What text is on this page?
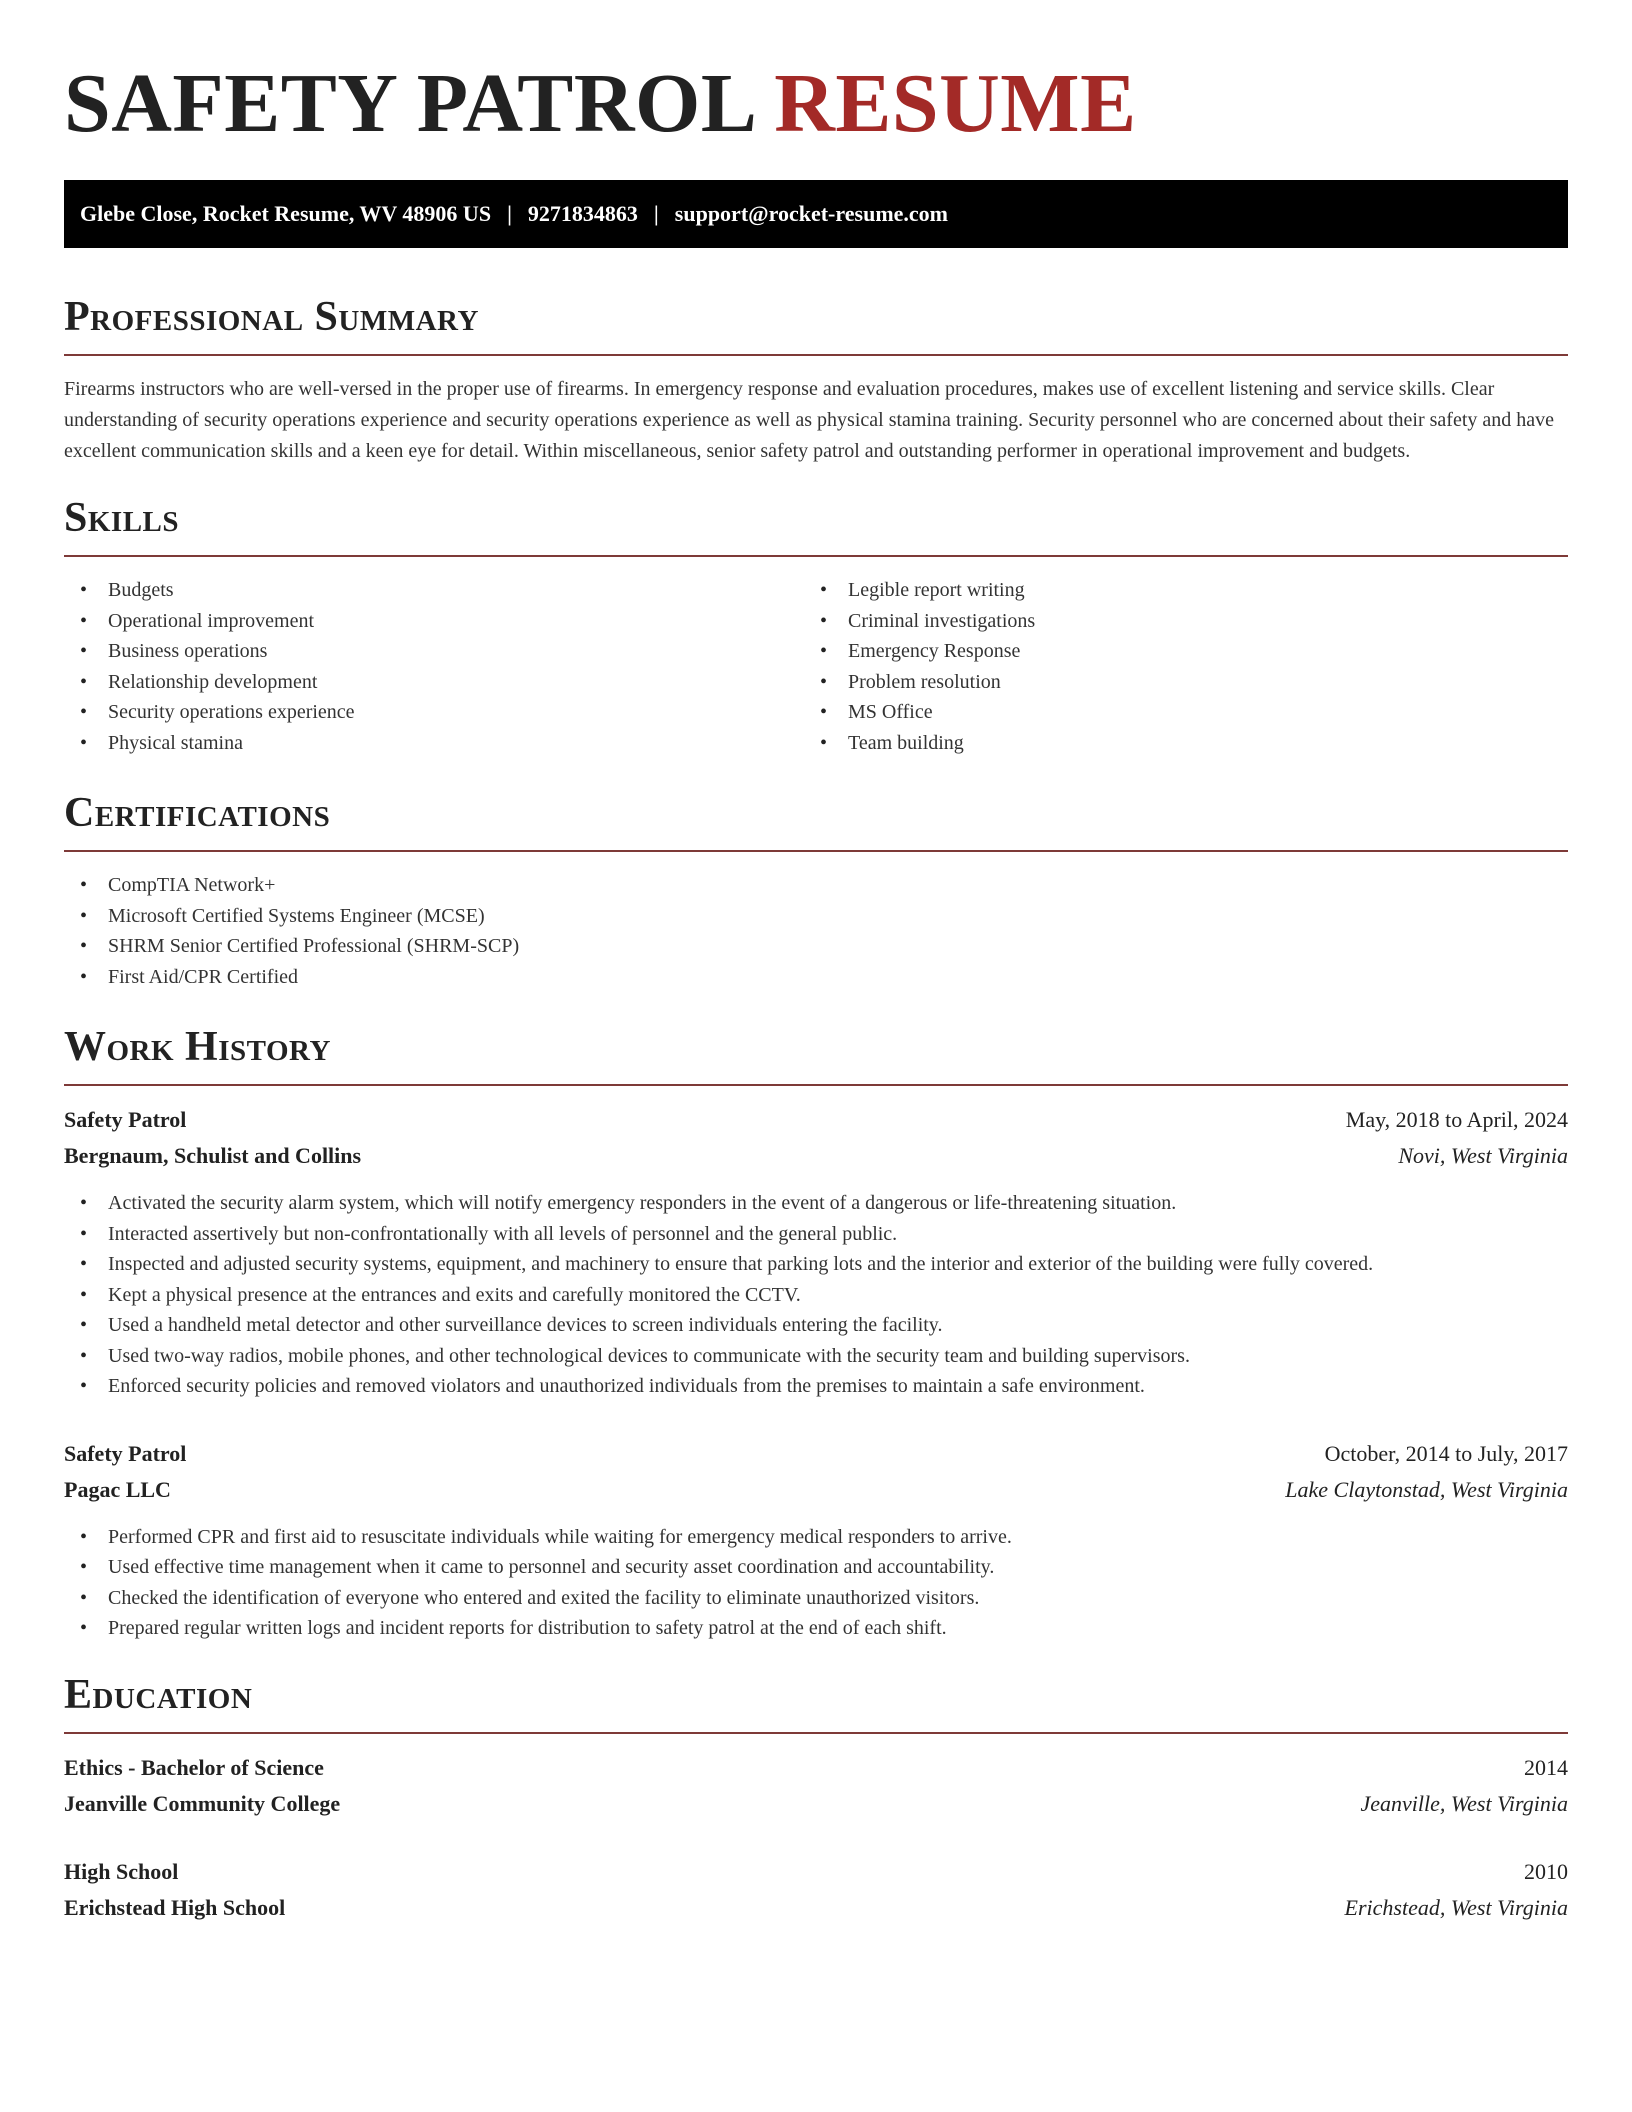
SAFETY PATROL RESUME
Glebe Close, Rocket Resume, WV 48906 US | 9271834863 | support@rocket-resume.com
Professional Summary

Firearms instructors who are well-versed in the proper use of firearms. In emergency response and evaluation procedures, makes use of excellent listening and service skills. Clear understanding of security operations experience and security operations experience as well as physical stamina training. Security personnel who are concerned about their safety and have excellent communication skills and a keen eye for detail. Within miscellaneous, senior safety patrol and outstanding performer in operational improvement and budgets.

Skills
• Budgets
• Operational improvement
• Business operations
• Relationship development
• Security operations experience
• Physical stamina
• Legible report writing
• Criminal investigations
• Emergency Response
• Problem resolution
• MS Office
• Team building
Certifications
• CompTIA Network+
• Microsoft Certified Systems Engineer (MCSE)
• SHRM Senior Certified Professional (SHRM-SCP)
• First Aid/CPR Certified
Work History
Safety Patrol	May, 2018 to April, 2024
Bergnaum, Schulist and Collins	Novi, West Virginia
• Activated the security alarm system, which will notify emergency responders in the event of a dangerous or life-threatening situation.
• Interacted assertively but non-confrontationally with all levels of personnel and the general public.
• Inspected and adjusted security systems, equipment, and machinery to ensure that parking lots and the interior and exterior of the building were fully covered.
• Kept a physical presence at the entrances and exits and carefully monitored the CCTV.
• Used a handheld metal detector and other surveillance devices to screen individuals entering the facility.
• Used two-way radios, mobile phones, and other technological devices to communicate with the security team and building supervisors.
• Enforced security policies and removed violators and unauthorized individuals from the premises to maintain a safe environment.
Safety Patrol	October, 2014 to July, 2017
Pagac LLC	Lake Claytonstad, West Virginia
• Performed CPR and first aid to resuscitate individuals while waiting for emergency medical responders to arrive.
• Used effective time management when it came to personnel and security asset coordination and accountability.
• Checked the identification of everyone who entered and exited the facility to eliminate unauthorized visitors.
• Prepared regular written logs and incident reports for distribution to safety patrol at the end of each shift.
Education
Ethics - Bachelor of Science	2014
Jeanville Community College	Jeanville, West Virginia
High School	2010
Erichstead High School	Erichstead, West Virginia
